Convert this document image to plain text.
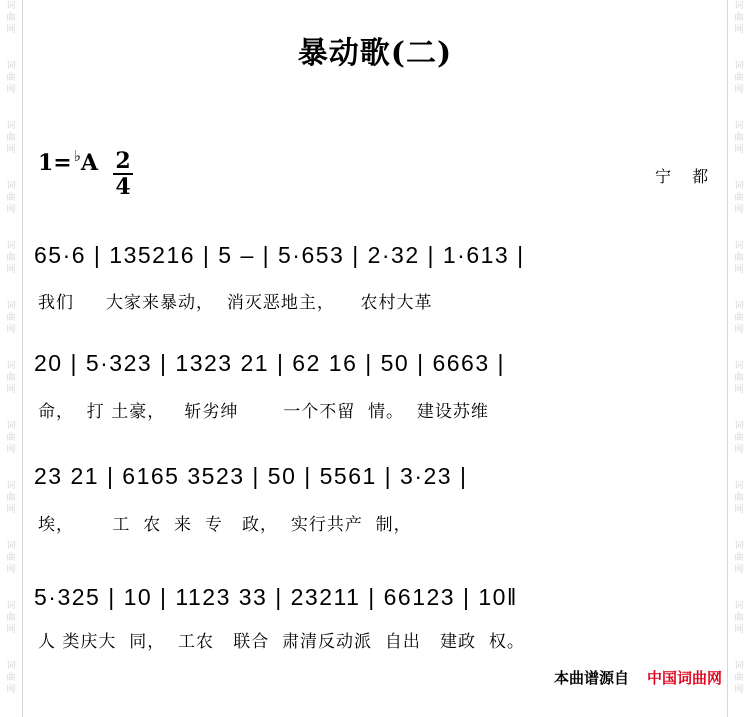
词
曲
网
词
曲
网
词
曲
网
词
曲
网
词
曲
网
词
曲
网
词
曲
网
词
曲
网
词
曲
网
词
曲
网
词
曲
网
词
曲
网
词
曲
网
词
曲
网
词
曲
网
词
曲
网
词
曲
网
词
曲
网
词
曲
网
词
曲
网
词
曲
网
词
曲
网
词
曲
网
词
曲
网
暴动歌(二)
1= ♭A 2
4	宁 都
65·6 | 135216 | 5 – | 5·653 | 2·32 | 1·613 |
我们     大家来暴动，  消灭恶地主，    农村大革
20 | 5·323 | 1323 21 | 62 16 | 50 | 6663 |
命，  打 土豪，   斩劣绅       一个不留  情。  建设苏维
23 21 | 6165 3523 | 50 | 5561 | 3·23 |
埃，      工  农  来  专   政，  实行共产  制，
5·325 | 10 | 1123 33 | 23211 | 66123 | 10‖
人 类庆大  同，  工农   联合  肃清反动派  自出   建政  权。
本曲谱源自 中国词曲网
